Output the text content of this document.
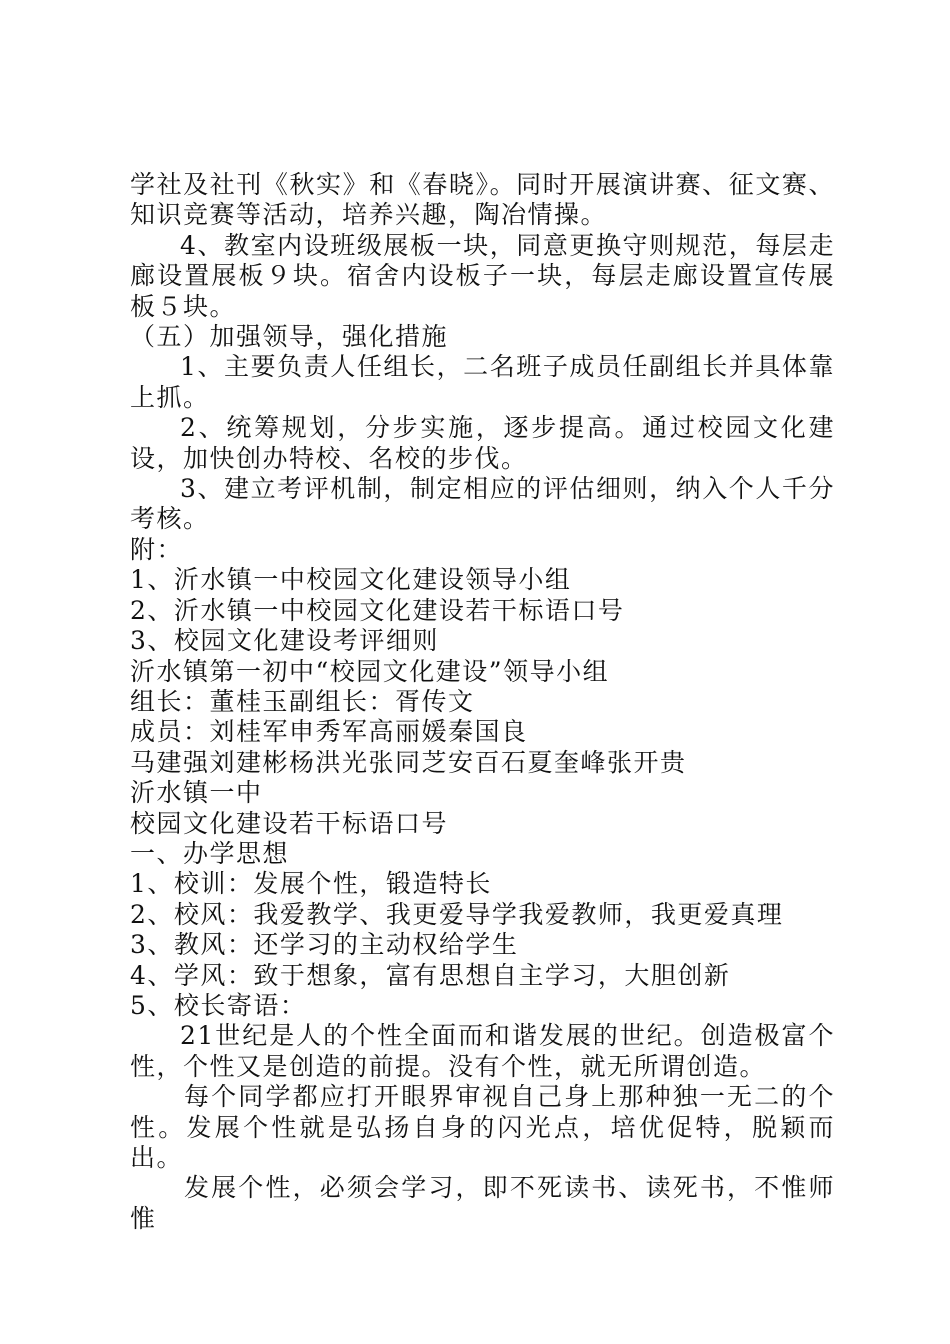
学社及社刊《秋实》和《春晓》。同时开展演讲赛、征文赛、知识竞赛等活动，培养兴趣，陶冶情操。

4、教室内设班级展板一块，同意更换守则规范，每层走廊设置展板９块。宿舍内设板子一块，每层走廊设置宣传展板５块。

（五）加强领导，强化措施

1、主要负责人任组长，二名班子成员任副组长并具体靠上抓。

2、统筹规划，分步实施，逐步提高。通过校园文化建设，加快创办特校、名校的步伐。

3、建立考评机制，制定相应的评估细则，纳入个人千分考核。

附：

1、沂水镇一中校园文化建设领导小组

2、沂水镇一中校园文化建设若干标语口号

3、校园文化建设考评细则

沂水镇第一初中“校园文化建设”领导小组

组长：董桂玉副组长：胥传文

成员：刘桂军申秀军高丽媛秦国良

马建强刘建彬杨洪光张同芝安百石夏奎峰张开贵

沂水镇一中

校园文化建设若干标语口号

一、办学思想

1、校训：发展个性，锻造特长

2、校风：我爱教学、我更爱导学我爱教师，我更爱真理

3、教风：还学习的主动权给学生

4、学风：致于想象，富有思想自主学习，大胆创新

5、校长寄语：

21世纪是人的个性全面而和谐发展的世纪。创造极富个性，个性又是创造的前提。没有个性，就无所谓创造。

每个同学都应打开眼界审视自己身上那种独一无二的个性。发展个性就是弘扬自身的闪光点，培优促特，脱颖而出。

发展个性，必须会学习，即不死读书、读死书，不惟师惟
